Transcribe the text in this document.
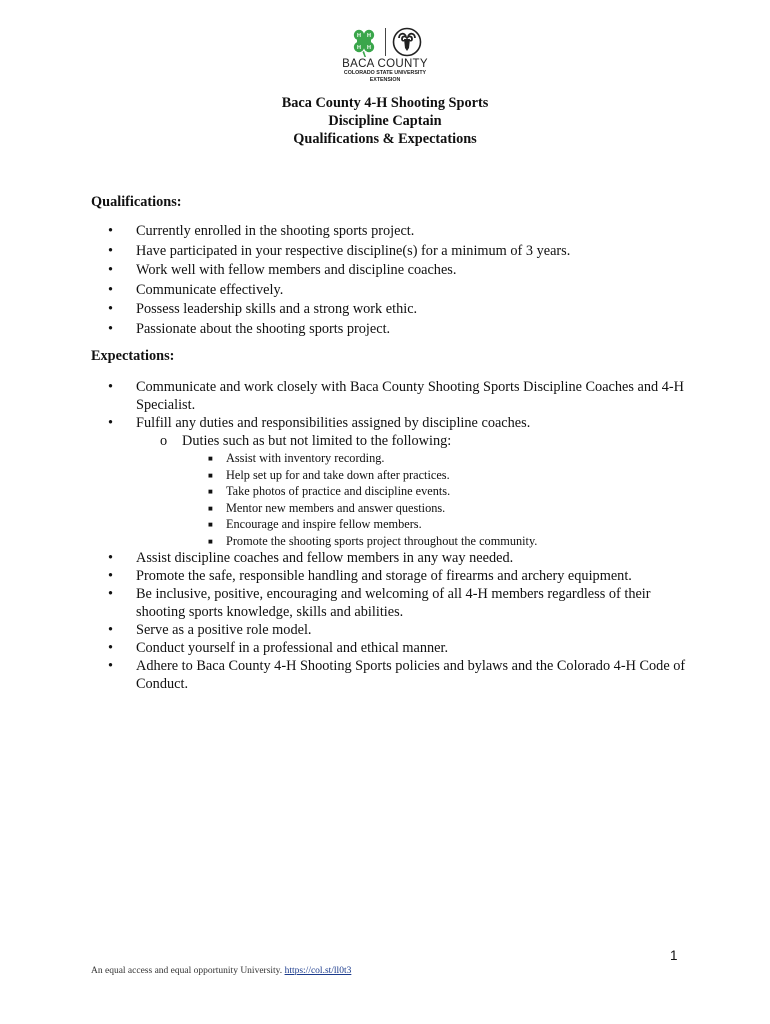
H H
H H
BACA COUNTY
COLORADO STATE UNIVERSITY
EXTENSION
Baca County 4-H Shooting Sports
Discipline Captain
Qualifications & Expectations
Qualifications:
• Currently enrolled in the shooting sports project.
• Have participated in your respective discipline(s) for a minimum of 3 years.
• Work well with fellow members and discipline coaches.
• Communicate effectively.
• Possess leadership skills and a strong work ethic.
• Passionate about the shooting sports project.
Expectations:
• Communicate and work closely with Baca County Shooting Sports Discipline Coaches and 4-H Specialist.
• Fulfill any duties and responsibilities assigned by discipline coaches.
o Duties such as but not limited to the following:
■ Assist with inventory recording.
■ Help set up for and take down after practices.
■ Take photos of practice and discipline events.
■ Mentor new members and answer questions.
■ Encourage and inspire fellow members.
■ Promote the shooting sports project throughout the community.
• Assist discipline coaches and fellow members in any way needed.
• Promote the safe, responsible handling and storage of firearms and archery equipment.
• Be inclusive, positive, encouraging and welcoming of all 4-H members regardless of their shooting sports knowledge, skills and abilities.
• Serve as a positive role model.
• Conduct yourself in a professional and ethical manner.
• Adhere to Baca County 4-H Shooting Sports policies and bylaws and the Colorado 4-H Code of Conduct.
1
An equal access and equal opportunity University. https://col.st/ll0t3
